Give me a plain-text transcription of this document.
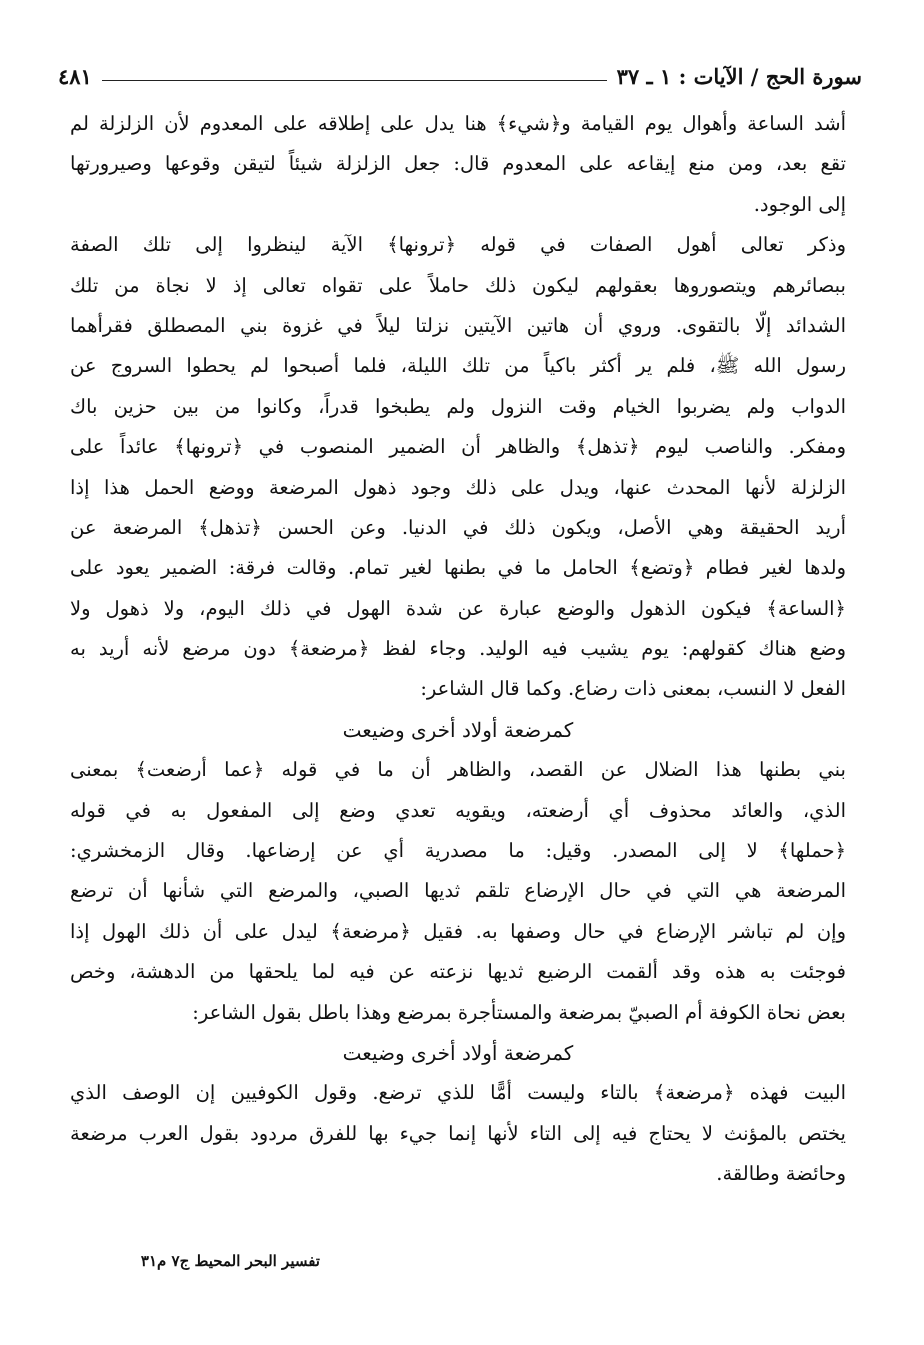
سورة الحج / الآيات : ١ ـ ٣٧
٤٨١
أشد الساعة وأهوال يوم القيامة و﴿شيء﴾ هنا يدل على إطلاقه على المعدوم لأن الزلزلة لم
تقع بعد، ومن منع إيقاعه على المعدوم قال: جعل الزلزلة شيئاً لتيقن وقوعها وصيرورتها
إلى الوجود.
وذكر تعالى أهول الصفات في قوله ﴿ترونها﴾ الآية لينظروا إلى تلك الصفة
ببصائرهم ويتصوروها بعقولهم ليكون ذلك حاملاً على تقواه تعالى إذ لا نجاة من تلك
الشدائد إلّا بالتقوى. وروي أن هاتين الآيتين نزلتا ليلاً في غزوة بني المصطلق فقرأهما
رسول الله ﷺ، فلم ير أكثر باكياً من تلك الليلة، فلما أصبحوا لم يحطوا السروج عن
الدواب ولم يضربوا الخيام وقت النزول ولم يطبخوا قدراً، وكانوا من بين حزين باك
ومفكر. والناصب ليوم ﴿تذهل﴾ والظاهر أن الضمير المنصوب في ﴿ترونها﴾ عائداً على
الزلزلة لأنها المحدث عنها، ويدل على ذلك وجود ذهول المرضعة ووضع الحمل هذا إذا
أريد الحقيقة وهي الأصل، ويكون ذلك في الدنيا. وعن الحسن ﴿تذهل﴾ المرضعة عن
ولدها لغير فطام ﴿وتضع﴾ الحامل ما في بطنها لغير تمام. وقالت فرقة: الضمير يعود على
﴿الساعة﴾ فيكون الذهول والوضع عبارة عن شدة الهول في ذلك اليوم، ولا ذهول ولا
وضع هناك كقولهم: يوم يشيب فيه الوليد. وجاء لفظ ﴿مرضعة﴾ دون مرضع لأنه أريد به
الفعل لا النسب، بمعنى ذات رضاع. وكما قال الشاعر:
كمرضعة أولاد أخرى وضيعت
بني بطنها هذا الضلال عن القصد، والظاهر أن ما في قوله ﴿عما أرضعت﴾ بمعنى
الذي، والعائد محذوف أي أرضعته، ويقويه تعدي وضع إلى المفعول به في قوله
﴿حملها﴾ لا إلى المصدر. وقيل: ما مصدرية أي عن إرضاعها. وقال الزمخشري:
المرضعة هي التي في حال الإرضاع تلقم ثديها الصبي، والمرضع التي شأنها أن ترضع
وإن لم تباشر الإرضاع في حال وصفها به. فقيل ﴿مرضعة﴾ ليدل على أن ذلك الهول إذا
فوجئت به هذه وقد ألقمت الرضيع ثديها نزعته عن فيه لما يلحقها من الدهشة، وخص
بعض نحاة الكوفة أم الصبيّ بمرضعة والمستأجرة بمرضع وهذا باطل بقول الشاعر:
كمرضعة أولاد أخرى وضيعت
البيت فهذه ﴿مرضعة﴾ بالتاء وليست أمًّا للذي ترضع. وقول الكوفيين إن الوصف الذي
يختص بالمؤنث لا يحتاج فيه إلى التاء لأنها إنما جيء بها للفرق مردود بقول العرب مرضعة
وحائضة وطالقة.
تفسير البحر المحيط ج٧ م٣١
